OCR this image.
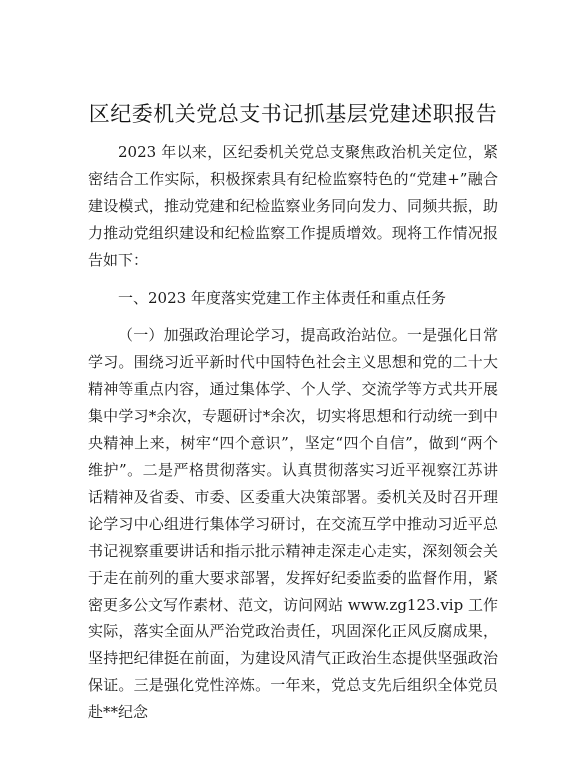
区纪委机关党总支书记抓基层党建述职报告

2023 年以来，区纪委机关党总支聚焦政治机关定位，紧密结合工作实际，积极探索具有纪检监察特色的“党建+”融合建设模式，推动党建和纪检监察业务同向发力、同频共振，助力推动党组织建设和纪检监察工作提质增效。现将工作情况报告如下：

一、2023 年度落实党建工作主体责任和重点任务

（一）加强政治理论学习，提高政治站位。一是强化日常学习。围绕习近平新时代中国特色社会主义思想和党的二十大精神等重点内容，通过集体学、个人学、交流学等方式共开展集中学习*余次，专题研讨*余次，切实将思想和行动统一到中央精神上来，树牢“四个意识”，坚定“四个自信”，做到“两个维护”。二是严格贯彻落实。认真贯彻落实习近平视察江苏讲话精神及省委、市委、区委重大决策部署。委机关及时召开理论学习中心组进行集体学习研讨，在交流互学中推动习近平总书记视察重要讲话和指示批示精神走深走心走实，深刻领会关于走在前列的重大要求部署，发挥好纪委监委的监督作用，紧密更多公文写作素材、范文，访问网站 www.zg123.vip 工作实际，落实全面从严治党政治责任，巩固深化正风反腐成果，坚持把纪律挺在前面，为建设风清气正政治生态提供坚强政治保证。三是强化党性淬炼。一年来，党总支先后组织全体党员赴**纪念
